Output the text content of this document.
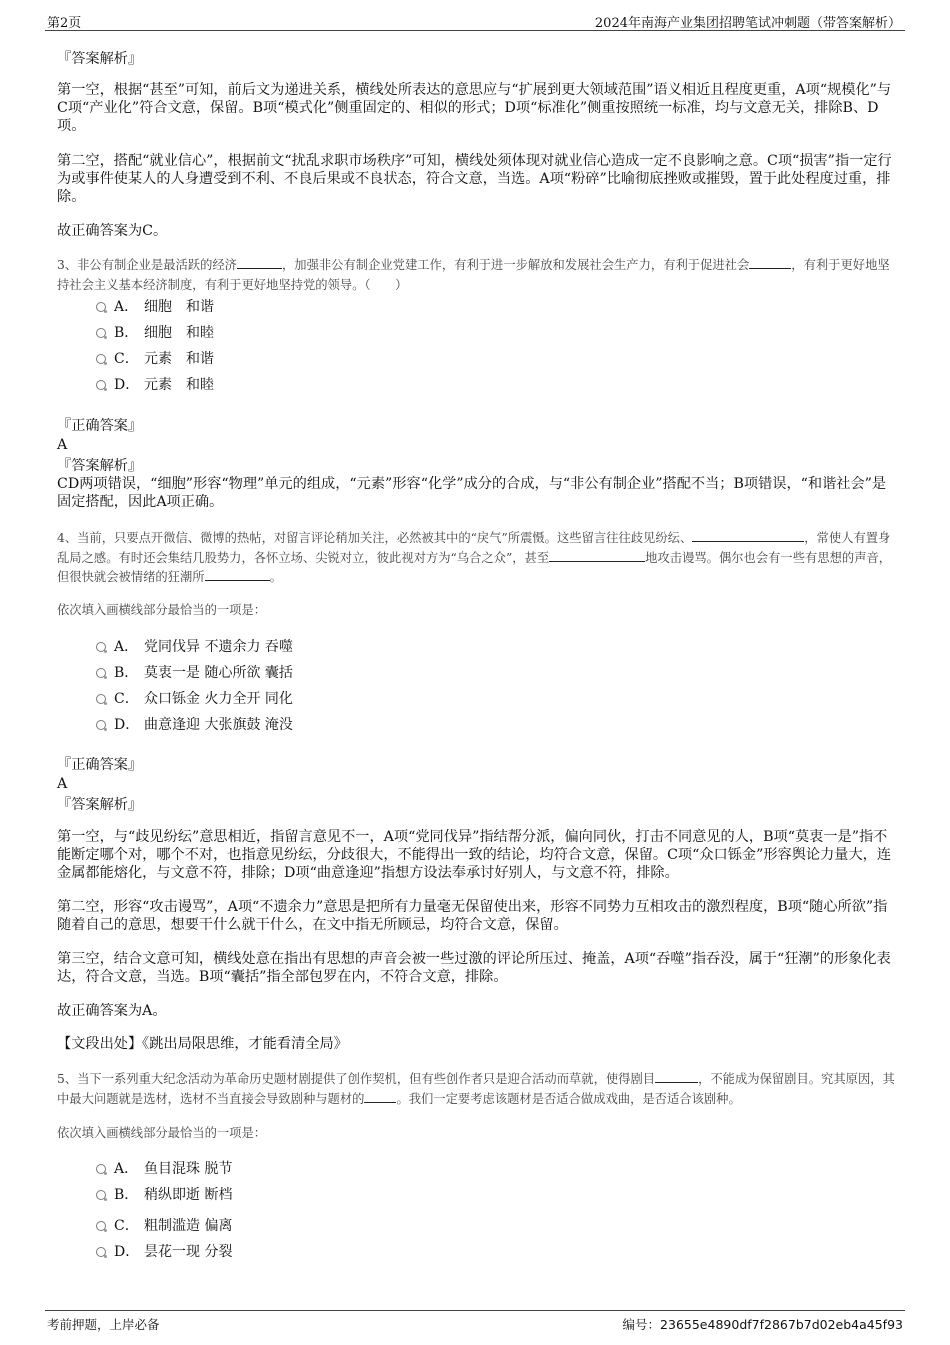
第2页	2024年南海产业集团招聘笔试冲刺题（带答案解析）

『答案解析』

第一空，根据“甚至”可知，前后文为递进关系，横线处所表达的意思应与“扩展到更大领域范围”语义相近且程度更重，A项“规模化”与C项“产业化”符合文意，保留。B项“模式化”侧重固定的、相似的形式；D项“标准化”侧重按照统一标准，均与文意无关，排除B、D项。

第二空，搭配“就业信心”，根据前文“扰乱求职市场秩序”可知，横线处须体现对就业信心造成一定不良影响之意。C项“损害”指一定行为或事件使某人的人身遭受到不利、不良后果或不良状态，符合文意，当选。A项“粉碎”比喻彻底挫败或摧毁，置于此处程度过重，排除。

故正确答案为C。

3、非公有制企业是最活跃的经济	，加强非公有制企业党建工作，有利于进一步解放和发展社会生产力，有利于促进社会	，有利于更好地坚持社会主义基本经济制度，有利于更好地坚持党的领导。（　　）

A． 细胞　和谐
B． 细胞　和睦
C． 元素　和谐
D． 元素　和睦

『正确答案』

A

『答案解析』

CD两项错误，“细胞”形容“物理”单元的组成，“元素”形容“化学”成分的合成，与“非公有制企业”搭配不当；B项错误，“和谐社会”是固定搭配，因此A项正确。

4、当前，只要点开微信、微博的热帖，对留言评论稍加关注，必然被其中的“戾气”所震慑。这些留言往往歧见纷纭、	，常使人有置身乱局之感。有时还会集结几股势力，各怀立场、尖锐对立，彼此视对方为“乌合之众”，甚至	地攻击谩骂。偶尔也会有一些有思想的声音，但很快就会被情绪的狂潮所	。

依次填入画横线部分最恰当的一项是：

A． 党同伐异 不遗余力 吞噬
B． 莫衷一是 随心所欲 囊括
C． 众口铄金 火力全开 同化
D． 曲意逢迎 大张旗鼓 淹没

『正确答案』

A

『答案解析』

第一空，与“歧见纷纭”意思相近，指留言意见不一，A项“党同伐异”指结帮分派，偏向同伙，打击不同意见的人，B项“莫衷一是”指不能断定哪个对，哪个不对，也指意见纷纭，分歧很大，不能得出一致的结论，均符合文意，保留。C项“众口铄金”形容舆论力量大，连金属都能熔化，与文意不符，排除；D项“曲意逢迎”指想方设法奉承讨好别人，与文意不符，排除。

第二空，形容“攻击谩骂”，A项“不遗余力”意思是把所有力量毫无保留使出来，形容不同势力互相攻击的激烈程度，B项“随心所欲”指随着自己的意思，想要干什么就干什么，在文中指无所顾忌，均符合文意，保留。

第三空，结合文意可知，横线处意在指出有思想的声音会被一些过激的评论所压过、掩盖，A项“吞噬”指吞没，属于“狂潮”的形象化表达，符合文意，当选。B项“囊括”指全部包罗在内，不符合文意，排除。

故正确答案为A。

【文段出处】《跳出局限思维，才能看清全局》

5、当下一系列重大纪念活动为革命历史题材剧提供了创作契机，但有些创作者只是迎合活动而草就，使得剧目	，不能成为保留剧目。究其原因，其中最大问题就是选材，选材不当直接会导致剧种与题材的	。我们一定要考虑该题材是否适合做成戏曲，是否适合该剧种。

依次填入画横线部分最恰当的一项是：

A． 鱼目混珠 脱节
B． 稍纵即逝 断档
C． 粗制滥造 偏离
D． 昙花一现 分裂
考前押题，上岸必备	编号：23655e4890df7f2867b7d02eb4a45f93
